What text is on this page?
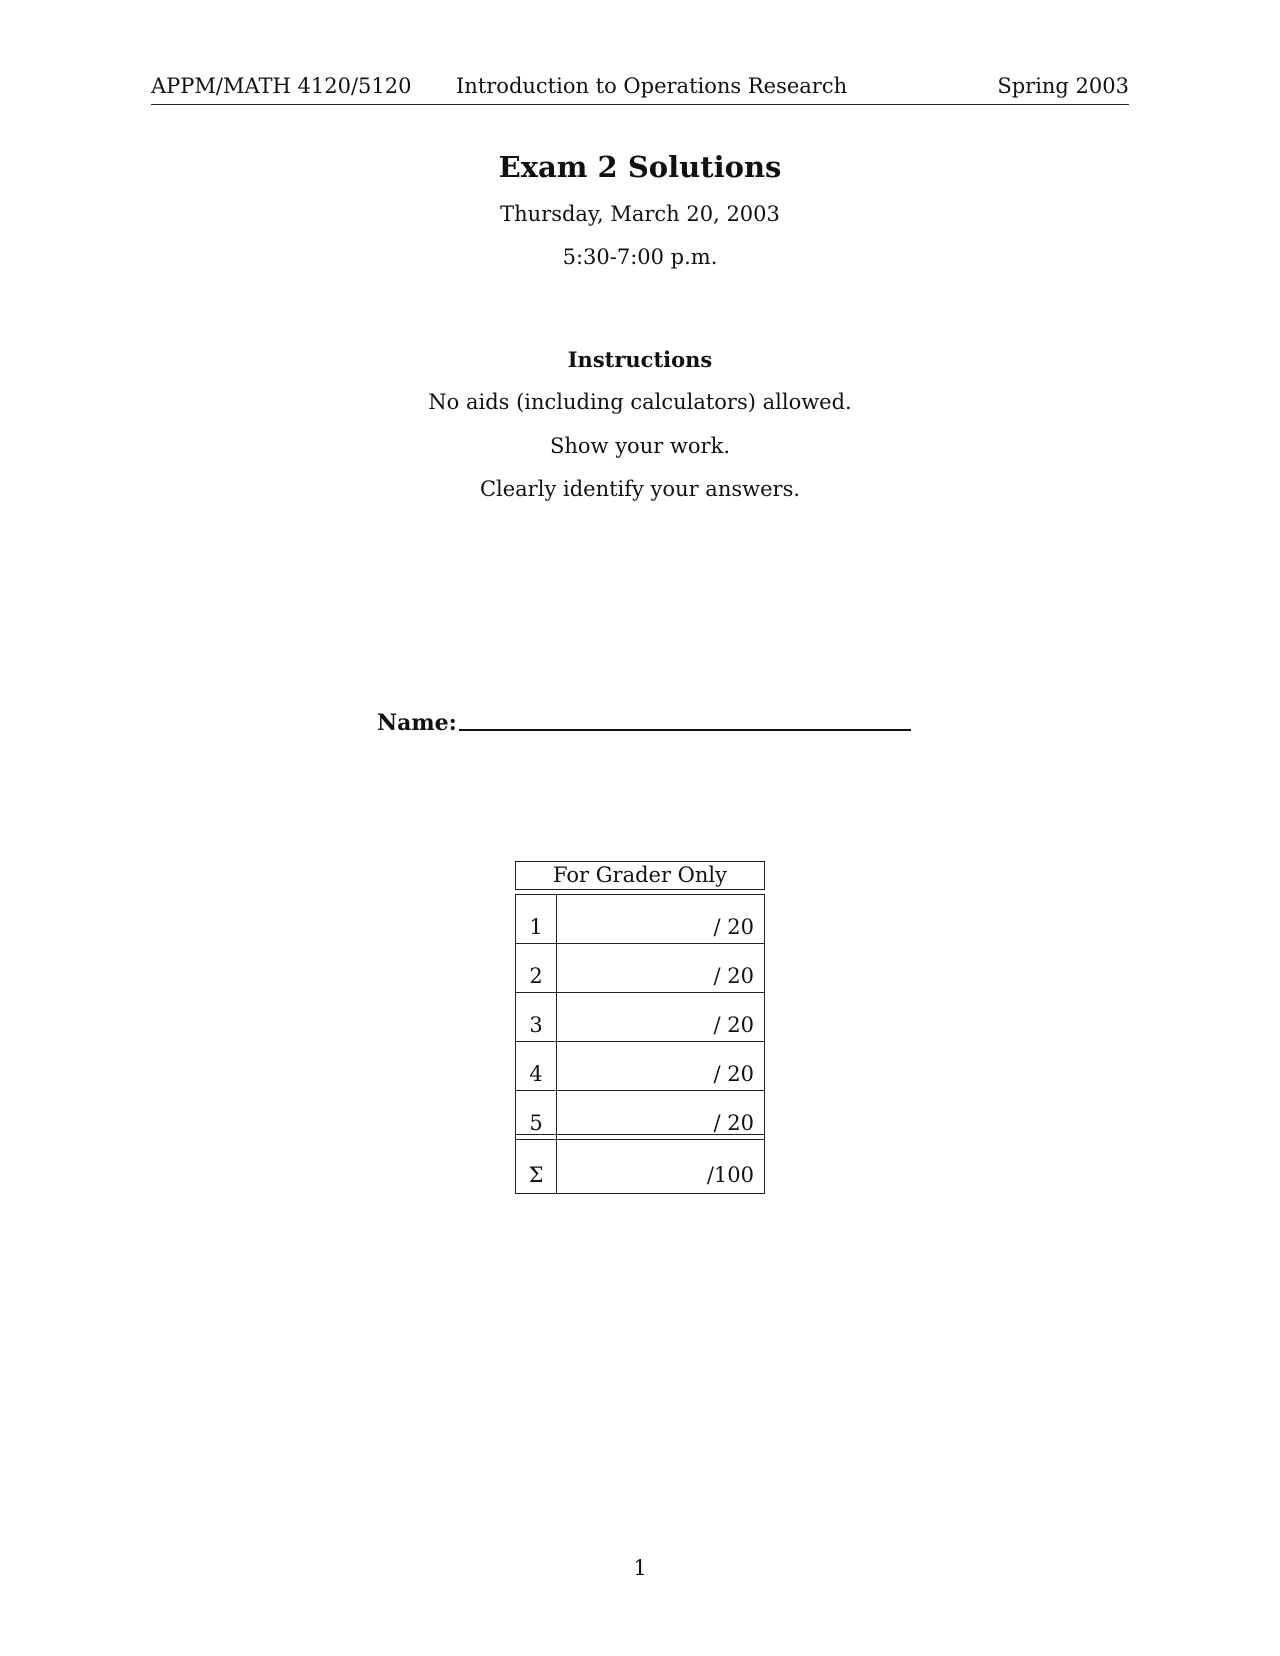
APPM/MATH 4120/5120 Introduction to Operations Research	Spring 2003
Exam 2 Solutions
Thursday, March 20, 2003
5:30-7:00 p.m.
Instructions
No aids (including calculators) allowed.
Show your work.
Clearly identify your answers.
Name:
For Grader Only
1	/ 20
2	/ 20
3	/ 20
4	/ 20
5	/ 20
Σ	/100
1
